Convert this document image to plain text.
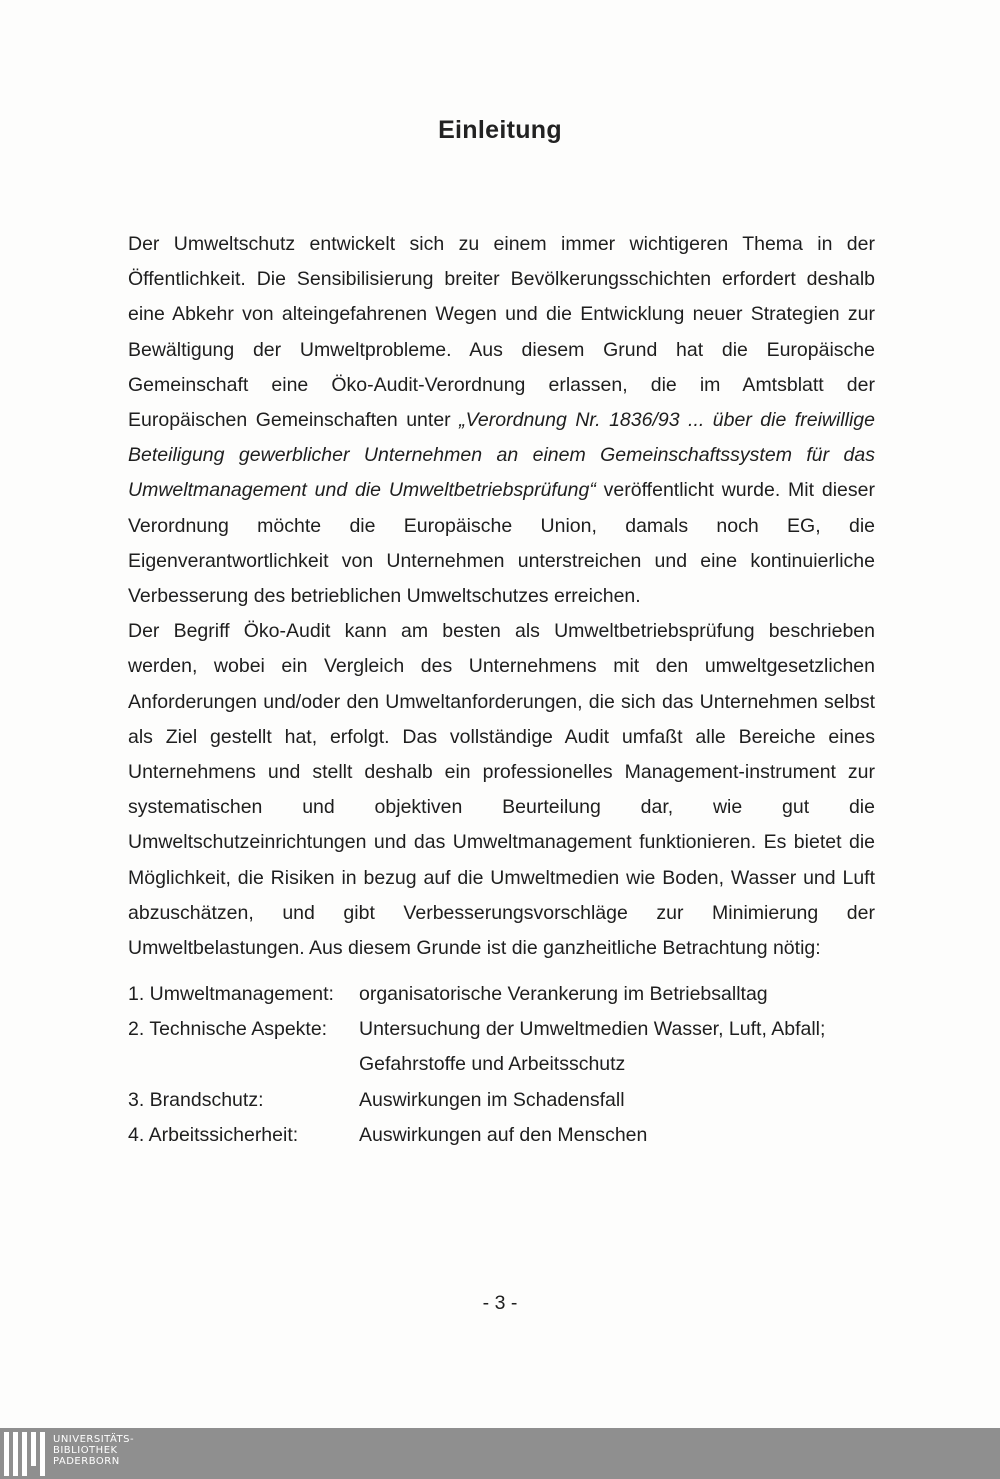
Einleitung

Der Umweltschutz entwickelt sich zu einem immer wichtigeren Thema in der Öffentlichkeit. Die Sensibilisierung breiter Bevölkerungsschichten erfordert deshalb eine Abkehr von alteingefahrenen Wegen und die Entwicklung neuer Strategien zur Bewältigung der Umweltprobleme. Aus diesem Grund hat die Europäische Gemeinschaft eine Öko-Audit-Verordnung erlassen, die im Amtsblatt der Europäischen Gemeinschaften unter „Verordnung Nr. 1836/93 ... über die freiwillige Beteiligung gewerblicher Unternehmen an einem Gemeinschaftssystem für das Umweltmanagement und die Umweltbetriebsprüfung“ veröffentlicht wurde. Mit dieser Verordnung möchte die Europäische Union, damals noch EG, die Eigenverantwortlichkeit von Unternehmen unterstreichen und eine kontinuierliche Verbesserung des betrieblichen Umweltschutzes erreichen.

Der Begriff Öko-Audit kann am besten als Umweltbetriebsprüfung beschrieben werden, wobei ein Vergleich des Unternehmens mit den umweltgesetzlichen Anforderungen und/oder den Umweltanforderungen, die sich das Unternehmen selbst als Ziel gestellt hat, erfolgt. Das vollständige Audit umfaßt alle Bereiche eines Unternehmens und stellt deshalb ein professionelles Management-instrument zur systematischen und objektiven Beurteilung dar, wie gut die Umweltschutzeinrichtungen und das Umweltmanagement funktionieren. Es bietet die Möglichkeit, die Risiken in bezug auf die Umweltmedien wie Boden, Wasser und Luft abzuschätzen, und gibt Verbesserungsvorschläge zur Minimierung der Umweltbelastungen. Aus diesem Grunde ist die ganzheitliche Betrachtung nötig:

1. Umweltmanagement:	organisatorische Verankerung im Betriebsalltag
2. Technische Aspekte:	Untersuchung der Umweltmedien Wasser, Luft, Abfall;
Gefahrstoffe und Arbeitsschutz
3. Brandschutz:	Auswirkungen im Schadensfall
4. Arbeitssicherheit:	Auswirkungen auf den Menschen
- 3 -
UNIVERSITÄTS-
BIBLIOTHEK
PADERBORN
